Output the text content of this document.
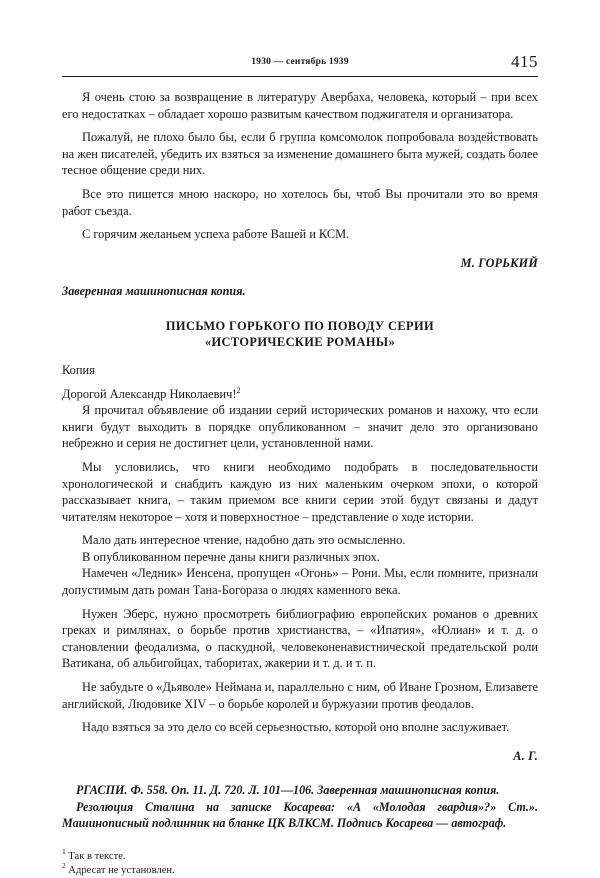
1930 — сентябрь 1939	415

Я очень стою за возвращение в литературу Авербаха, человека, который – при всех его недостатках – обладает хорошо развитым качеством поджигателя и организатора.

Пожалуй, не плохо было бы, если б группа комсомолок попробовала воздействовать на жен писателей, убедить их взяться за изменение домашнего быта мужей, создать более тесное общение среди них.

Все это пишется мною наскоро, но хотелось бы, чтоб Вы прочитали это во время работ съезда.

С горячим желаньем успеха работе Вашей и КСМ.

М. ГОРЬКИЙ

Заверенная машинописная копия.

ПИСЬМО ГОРЬКОГО ПО ПОВОДУ СЕРИИ
«ИСТОРИЧЕСКИЕ РОМАНЫ»

Копия

Дорогой Александр Николаевич!$^2$

Я прочитал объявление об издании серий исторических романов и нахожу, что если книги будут выходить в порядке опубликованном – значит дело это организовано небрежно и серия не достигнет цели, установленной нами.

Мы условились, что книги необходимо подобрать в последовательности хронологической и снабдить каждую из них маленьким очерком эпохи, о которой рассказывает книга, – таким приемом все книги серии этой будут связаны и дадут читателям некоторое – хотя и поверхностное – представление о ходе истории.

Мало дать интересное чтение, надобно дать это осмысленно.

В опубликованном перечне даны книги различных эпох.

Намечен «Ледник» Иенсена, пропущен «Огонь» – Рони. Мы, если помните, признали допустимым дать роман Тана-Богораза о людях каменного века.

Нужен Эберс, нужно просмотреть библиографию европейских романов о древних греках и римлянах, о борьбе против христианства, – «Ипатия», «Юлиан» и т. д. о становлении феодализма, о паскудной, человеконенавистнической предательской роли Ватикана, об альбигойцах, таборитах, жакерии и т. д. и т. п.

Не забудьте о «Дьяволе» Неймана и, параллельно с ним, об Иване Грозном, Елизавете английской, Людовике XIV – о борьбе королей и буржуазии против феодалов.

Надо взяться за это дело со всей серьезностью, которой оно вполне заслуживает.

А. Г.

РГАСПИ. Ф. 558. Оп. 11. Д. 720. Л. 101—106. Заверенная машинописная копия.

Резолюция Сталина на записке Косарева: «А «Молодая гвардия»?» Ст.». Машинописный подлинник на бланке ЦК ВЛКСМ. Подпись Косарева — автограф.

$^1$ Так в тексте.

$^2$ Адресат не установлен.
